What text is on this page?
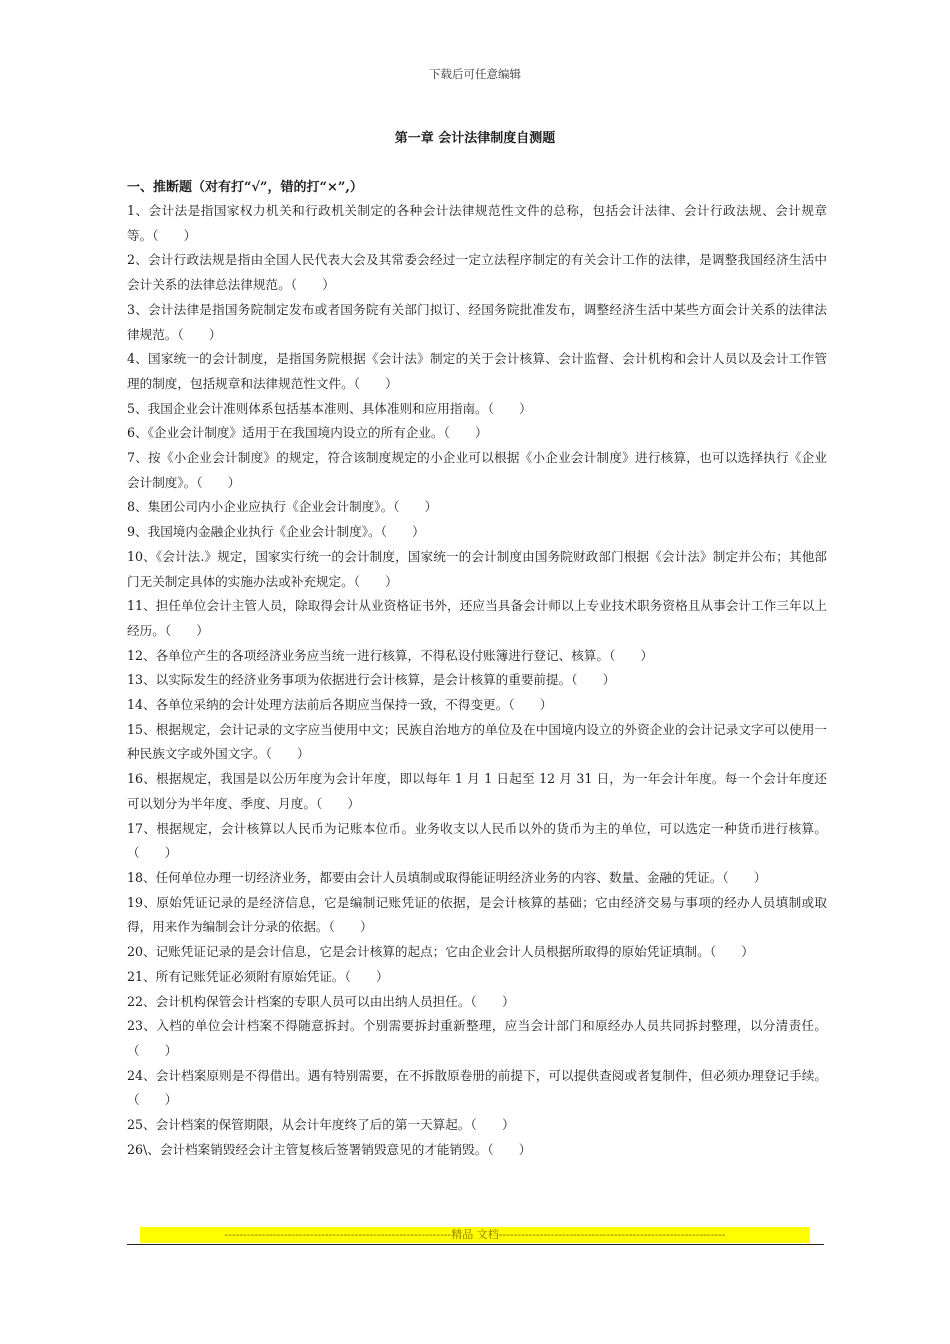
下载后可任意编辑
第一章 会计法律制度自测题
一、推断题（对有打“√”，错的打“×”,）
1、会计法是指国家权力机关和行政机关制定的各种会计法律规范性文件的总称，包括会计法律、会计行政法规、会计规章等。（　　）
2、会计行政法规是指由全国人民代表大会及其常委会经过一定立法程序制定的有关会计工作的法律，是调整我国经济生活中会计关系的法律总法律规范。（　　）
3、会计法律是指国务院制定发布或者国务院有关部门拟订、经国务院批准发布，调整经济生活中某些方面会计关系的法律法律规范。（　　）
4、国家统一的会计制度，是指国务院根据《会计法》制定的关于会计核算、会计监督、会计机构和会计人员以及会计工作管理的制度，包括规章和法律规范性文件。（　　）
5、我国企业会计准则体系包括基本准则、具体准则和应用指南。（　　）
6、《企业会计制度》适用于在我国境内设立的所有企业。（　　）
7、按《小企业会计制度》的规定，符合该制度规定的小企业可以根据《小企业会计制度》进行核算，也可以选择执行《企业会计制度》。（　　）
8、集团公司内小企业应执行《企业会计制度》。（　　）
9、我国境内金融企业执行《企业会计制度》。（　　）
10、《会计法.》规定，国家实行统一的会计制度，国家统一的会计制度由国务院财政部门根据《会计法》制定并公布；其他部门无关制定具体的实施办法或补充规定。（　　）
11、担任单位会计主管人员，除取得会计从业资格证书外，还应当具备会计师以上专业技术职务资格且从事会计工作三年以上经历。（　　）
12、各单位产生的各项经济业务应当统一进行核算，不得私设付账簿进行登记、核算。（　　）
13、以实际发生的经济业务事项为依据进行会计核算，是会计核算的重要前提。（　　）
14、各单位采纳的会计处理方法前后各期应当保持一致，不得变更。（　　）
15、根据规定，会计记录的文字应当使用中文；民族自治地方的单位及在中国境内设立的外资企业的会计记录文字可以使用一种民族文字或外国文字。（　　）
16、根据规定，我国是以公历年度为会计年度，即以每年 1 月 1 日起至 12 月 31 日，为一年会计年度。每一个会计年度还可以划分为半年度、季度、月度。（　　）
17、根据规定，会计核算以人民币为记账本位币。业务收支以人民币以外的货币为主的单位，可以选定一种货币进行核算。（　　）
18、任何单位办理一切经济业务，都要由会计人员填制或取得能证明经济业务的内容、数量、金融的凭证。（　　）
19、原始凭证记录的是经济信息，它是编制记账凭证的依据，是会计核算的基础；它由经济交易与事项的经办人员填制或取得，用来作为编制会计分录的依据。（　　）
20、记账凭证记录的是会计信息，它是会计核算的起点；它由企业会计人员根据所取得的原始凭证填制。（　　）
21、所有记账凭证必须附有原始凭证。（　　）
22、会计机构保管会计档案的专职人员可以由出纳人员担任。（　　）
23、入档的单位会计档案不得随意拆封。个别需要拆封重新整理，应当会计部门和原经办人员共同拆封整理，以分清责任。（　　）
24、会计档案原则是不得借出。遇有特别需要，在不拆散原卷册的前提下，可以提供查阅或者复制件，但必须办理登记手续。（　　）
25、会计档案的保管期限，从会计年度终了后的第一天算起。（　　）
26\、会计档案销毁经会计主管复核后签署销毁意见的才能销毁。（　　）
-------------------------------------------------------------精品 文档-------------------------------------------------------------
